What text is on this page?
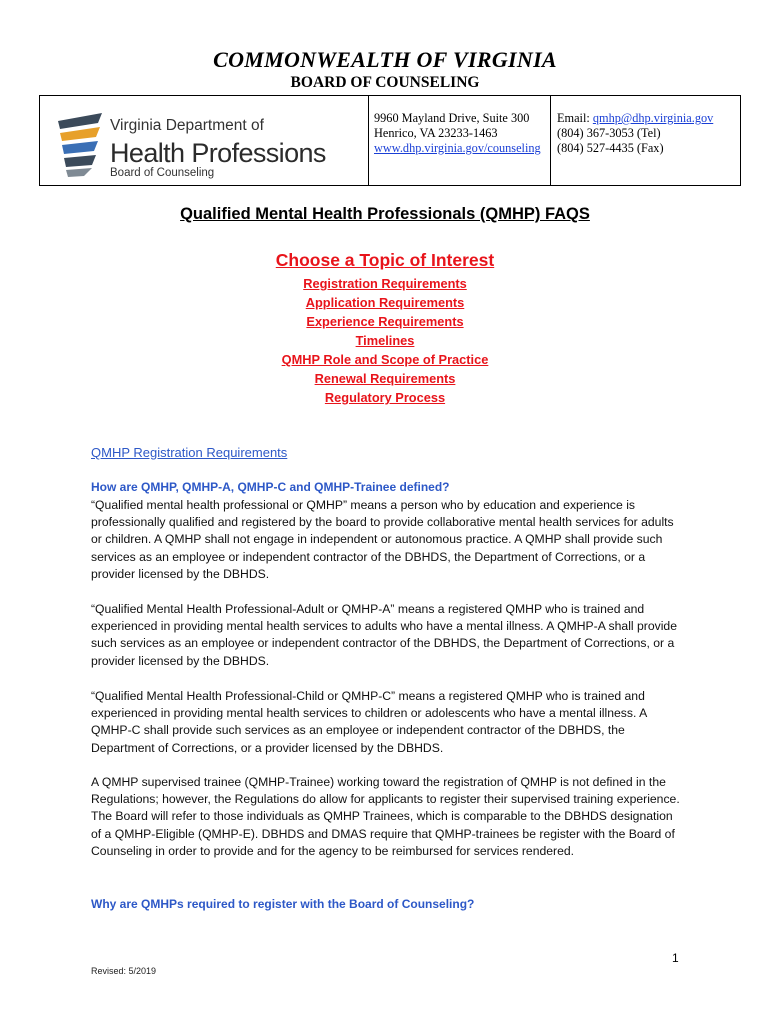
COMMONWEALTH OF VIRGINIA
BOARD OF COUNSELING
Virginia Department of
Health Professions
Board of Counseling
9960 Mayland Drive, Suite 300
Henrico, VA 23233-1463
www.dhp.virginia.gov/counseling
Email: qmhp@dhp.virginia.gov
(804) 367-3053 (Tel)
(804) 527-4435 (Fax)
Qualified Mental Health Professionals (QMHP) FAQS
Choose a Topic of Interest
Registration Requirements
Application Requirements
Experience Requirements
Timelines
QMHP Role and Scope of Practice
Renewal Requirements
Regulatory Process
QMHP Registration Requirements
How are QMHP, QMHP-A, QMHP-C and QMHP-Trainee defined?

“Qualified mental health professional or QMHP” means a person who by education and experience is professionally qualified and registered by the board to provide collaborative mental health services for adults or children. A QMHP shall not engage in independent or autonomous practice. A QMHP shall provide such services as an employee or independent contractor of the DBHDS, the Department of Corrections, or a provider licensed by the DBHDS.

“Qualified Mental Health Professional-Adult or QMHP-A” means a registered QMHP who is trained and experienced in providing mental health services to adults who have a mental illness. A QMHP-A shall provide such services as an employee or independent contractor of the DBHDS, the Department of Corrections, or a provider licensed by the DBHDS.

“Qualified Mental Health Professional-Child or QMHP-C” means a registered QMHP who is trained and experienced in providing mental health services to children or adolescents who have a mental illness. A QMHP-C shall provide such services as an employee or independent contractor of the DBHDS, the Department of Corrections, or a provider licensed by the DBHDS.

A QMHP supervised trainee (QMHP-Trainee) working toward the registration of QMHP is not defined in the Regulations; however, the Regulations do allow for applicants to register their supervised training experience. The Board will refer to those individuals as QMHP Trainees, which is comparable to the DBHDS designation of a QMHP-Eligible (QMHP-E). DBHDS and DMAS require that QMHP-trainees be register with the Board of Counseling in order to provide and for the agency to be reimbursed for services rendered.

Why are QMHPs required to register with the Board of Counseling?
1
Revised: 5/2019
